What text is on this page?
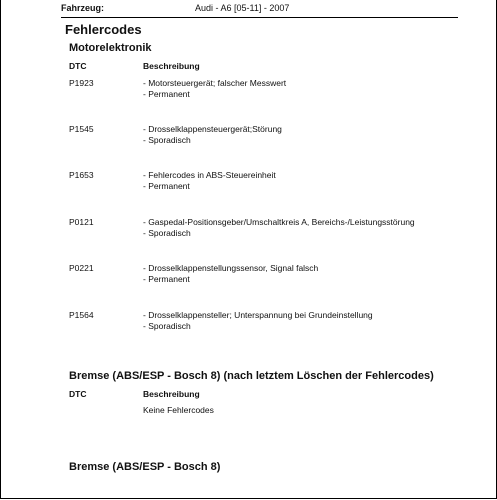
Fahrzeug:	Audi - A6 [05-11] - 2007
Fehlercodes
Motorelektronik
DTC	Beschreibung
P1923	- Motorsteuergerät; falscher Messwert
- Permanent
P1545	- Drosselklappensteuergerät;Störung
- Sporadisch
P1653	- Fehlercodes in ABS-Steuereinheit
- Permanent
P0121	- Gaspedal-Positionsgeber/Umschaltkreis A, Bereichs-/Leistungsstörung
- Sporadisch
P0221	- Drosselklappenstellungssensor, Signal falsch
- Permanent
P1564	- Drosselklappensteller; Unterspannung bei Grundeinstellung
- Sporadisch
Bremse (ABS/ESP - Bosch 8) (nach letztem Löschen der Fehlercodes)
DTC	Beschreibung
Keine Fehlercodes
Bremse (ABS/ESP - Bosch 8)
